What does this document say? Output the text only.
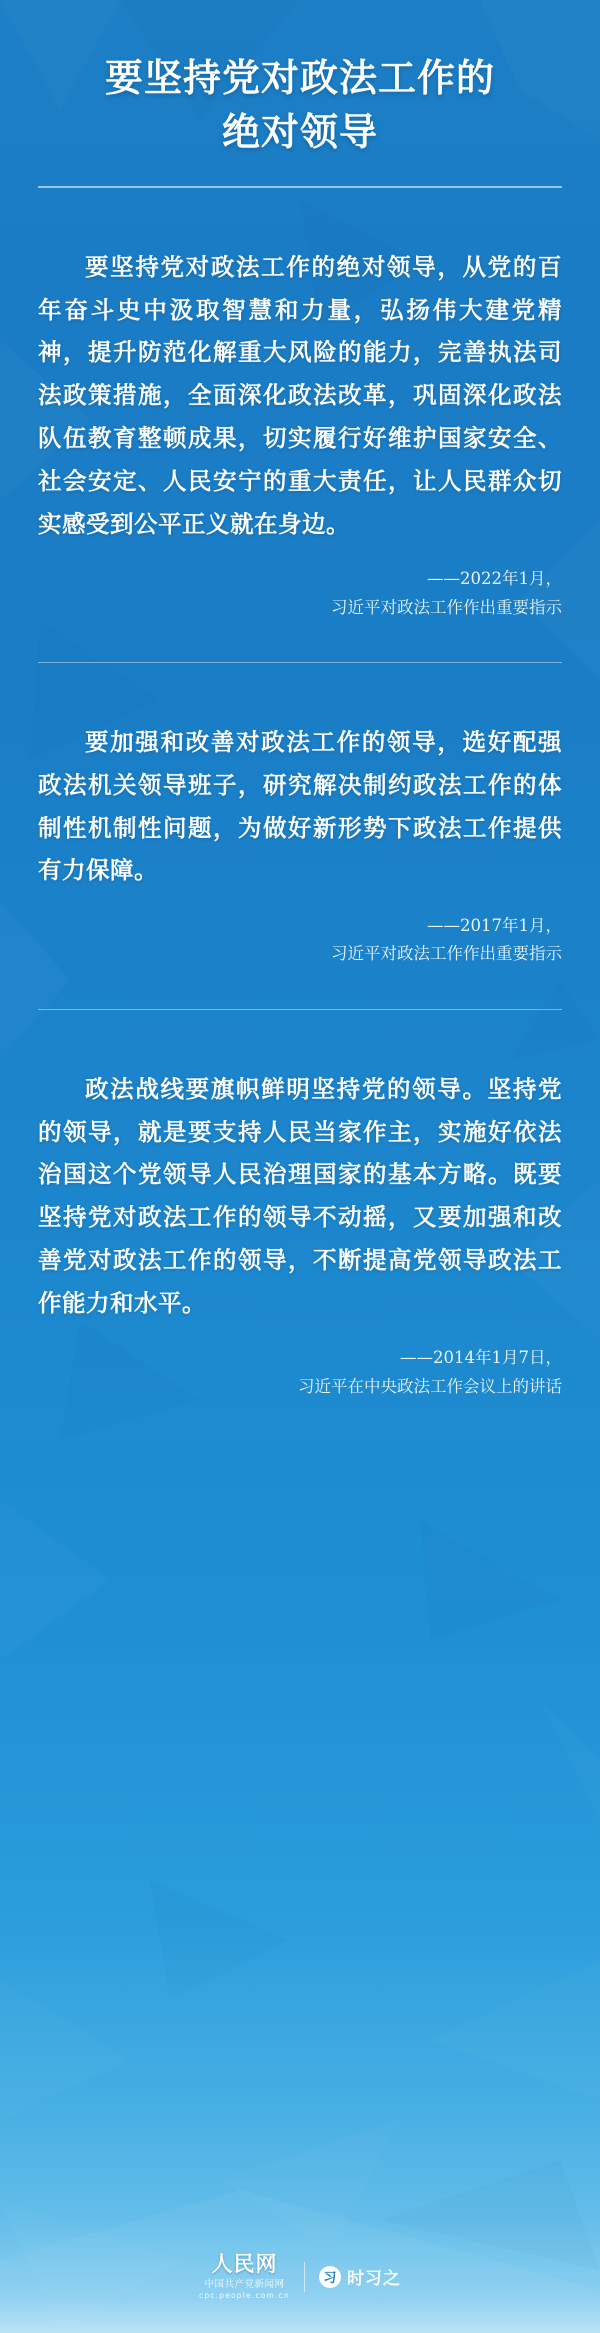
要坚持党对政法工作的
绝对领导
要坚持党对政法工作的绝对领导，从党的百年奋斗史中汲取智慧和力量，弘扬伟大建党精神，提升防范化解重大风险的能力，完善执法司法政策措施，全面深化政法改革，巩固深化政法队伍教育整顿成果，切实履行好维护国家安全、社会安定、人民安宁的重大责任，让人民群众切实感受到公平正义就在身边。
——2022年1月，
习近平对政法工作作出重要指示
要加强和改善对政法工作的领导，选好配强政法机关领导班子，研究解决制约政法工作的体制性机制性问题，为做好新形势下政法工作提供有力保障。
——2017年1月，
习近平对政法工作作出重要指示
政法战线要旗帜鲜明坚持党的领导。坚持党的领导，就是要支持人民当家作主，实施好依法治国这个党领导人民治理国家的基本方略。既要坚持党对政法工作的领导不动摇，又要加强和改善党对政法工作的领导，不断提高党领导政法工作能力和水平。
——2014年1月7日，
习近平在中央政法工作会议上的讲话
人民网
中国共产党新闻网
cpc.people.com.cn
习 时习之
